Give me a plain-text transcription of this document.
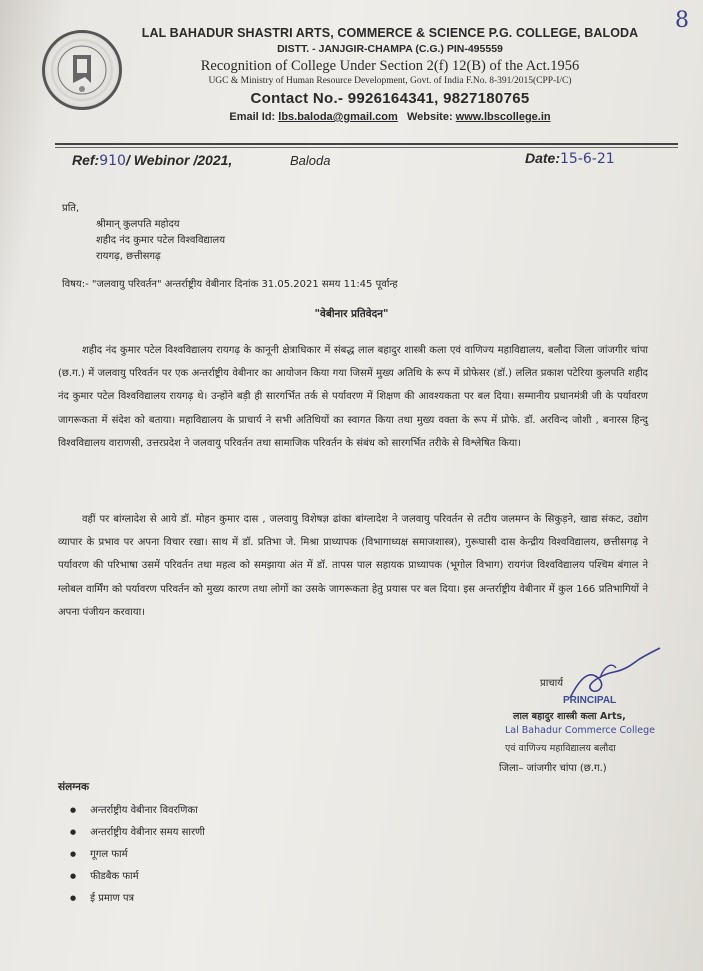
8
LAL BAHADUR SHASTRI ARTS, COMMERCE & SCIENCE P.G. COLLEGE, BALODA
DISTT. - JANJGIR-CHAMPA (C.G.) PIN-495559
Recognition of College Under Section 2(f) 12(B) of the Act.1956
UGC & Ministry of Human Resource Development, Govt. of India F.No. 8-391/2015(CPP-I/C)
Contact No.- 9926164341, 9827180765
Email Id: lbs.baloda@gmail.com Website: www.lbscollege.in
Ref:910/ Webinor /2021,	Baloda	Date:15-6-21
प्रति,
श्रीमान् कुलपति महोदय
शहीद नंद कुमार पटेल विश्वविद्यालय
रायगढ़, छत्तीसगढ़
विषय:- "जलवायु परिवर्तन" अन्तर्राष्ट्रीय वेबीनार दिनांक 31.05.2021 समय 11:45 पूर्वान्ह
"वेबीनार प्रतिवेदन"
शहीद नंद कुमार पटेल विश्वविद्यालय रायगढ़ के कानूनी क्षेत्राधिकार में संबद्ध लाल बहादुर शास्त्री कला एवं वाणिज्य महाविद्यालय, बलौदा जिला जांजगीर चांपा (छ.ग.) में जलवायु परिवर्तन पर एक अन्तर्राष्ट्रीय वेबीनार का आयोजन किया गया जिसमें मुख्य अतिथि के रूप में प्रोफेसर (डॉ.) ललित प्रकाश पटेरिया कुलपति शहीद नंद कुमार पटेल विश्वविद्यालय रायगढ़ थे। उन्होंने बड़ी ही सारगर्भित तर्क से पर्यावरण में शिक्षण की आवश्यकता पर बल दिया। सम्मानीय प्रधानमंत्री जी के पर्यावरण जागरूकता में संदेश को बताया। महाविद्यालय के प्राचार्य ने सभी अतिथियों का स्वागत किया तथा मुख्य वक्ता के रूप में प्रोफे. डॉ. अरविन्द जोशी , बनारस हिन्दु विश्वविद्यालय वाराणसी, उत्तरप्रदेश ने जलवायु परिवर्तन तथा सामाजिक परिवर्तन के संबंध को सारगर्भित तरीके से विश्लेषित किया।
वहीं पर बांग्लादेश से आये डॉ. मोहन कुमार दास , जलवायु विशेषज्ञ ढांका बांग्लादेश ने जलवायु परिवर्तन से तटीय जलमग्न के सिकुड़ने, खाद्य संकट, उद्योग व्यापार के प्रभाव पर अपना विचार रखा। साथ में डॉ. प्रतिभा जे. मिश्रा प्राध्यापक (विभागाध्यक्ष समाजशास्त्र), गुरूघासी दास केन्द्रीय विश्वविद्यालय, छत्तीसगढ़ ने पर्यावरण की परिभाषा उसमें परिवर्तन तथा महत्व को समझाया अंत में डॉ. तापस पाल सहायक प्राध्यापक (भूगोल विभाग) रायगंज विश्वविद्यालय पश्चिम बंगाल ने ग्लोबल वार्मिंग को पर्यावरण परिवर्तन को मुख्य कारण तथा लोगों का उसके जागरूकता हेतु प्रयास पर बल दिया। इस अन्तर्राष्ट्रीय वेबीनार में कुल 166 प्रतिभागियों ने अपना पंजीयन करवाया।
प्राचार्य
PRINCIPAL
लाल बहादुर शास्त्री कला Arts,
Lal Bahadur Commerce College
एवं वाणिज्य महाविद्यालय बलौदा
जिला– जांजगीर चांपा (छ.ग.)
संलग्नक
● अन्तर्राष्ट्रीय वेबीनार विवरणिका
● अन्तर्राष्ट्रीय वेबीनार समय सारणी
● गूगल फार्म
● फीडबैक फार्म
● ई प्रमाण पत्र
